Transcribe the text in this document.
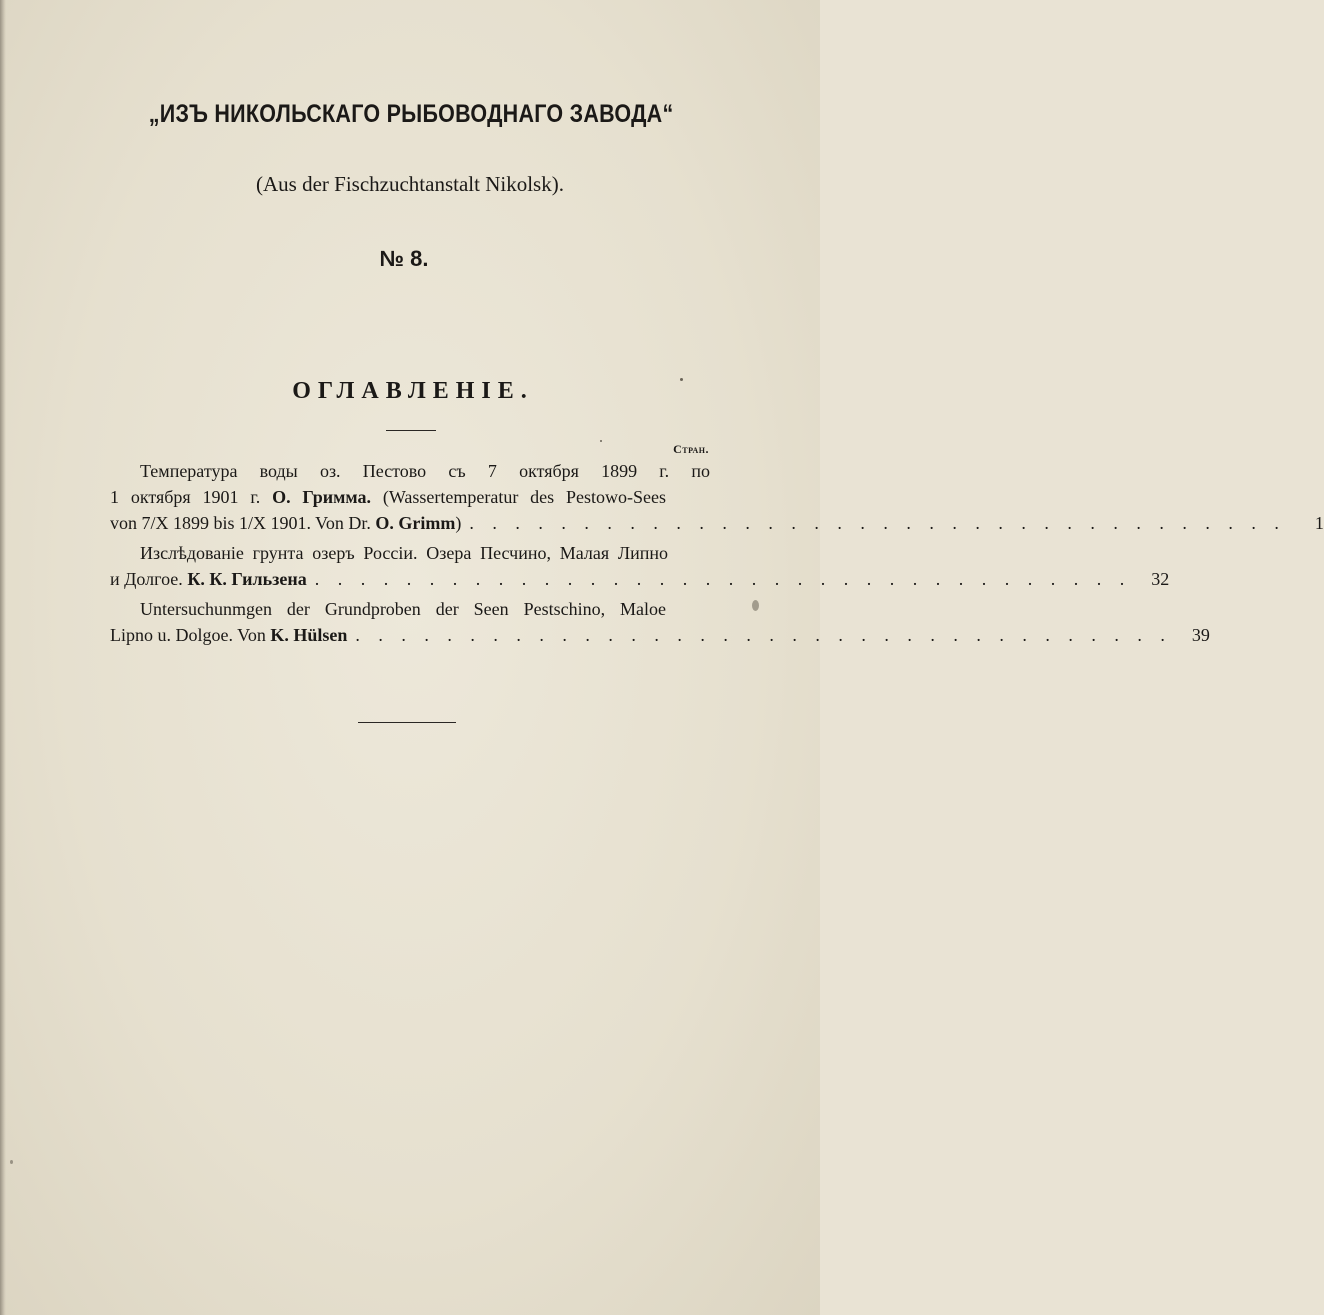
„ИЗЪ НИКОЛЬСКАГО РЫБОВОДНАГО ЗАВОДА“
(Aus der Fischzuchtanstalt Nikolsk).
№ 8.
ОГЛАВЛЕНІЕ.
Стран.
Температура воды оз. Пестово съ 7 октября 1899 г. по
1 октября 1901 г. О. Гримма. (Wassertemperatur des Pestowo-Sees
von 7/X 1899 bis 1/X 1901. Von Dr. O. Grimm) . . . . . . . . . . . . . . . . . . . . . . . . . . . . . . . . . . . .	1
Изслѣдованіе грунта озеръ Россіи. Озера Песчино, Малая Липно
и Долгое. К. К. Гильзена . . . . . . . . . . . . . . . . . . . . . . . . . . . . . . . . . . . .	32
Untersuchunmgen der Grundproben der Seen Pestschino, Maloe
Lipno u. Dolgoe. Von K. Hülsen . . . . . . . . . . . . . . . . . . . . . . . . . . . . . . . . . . . .	39
